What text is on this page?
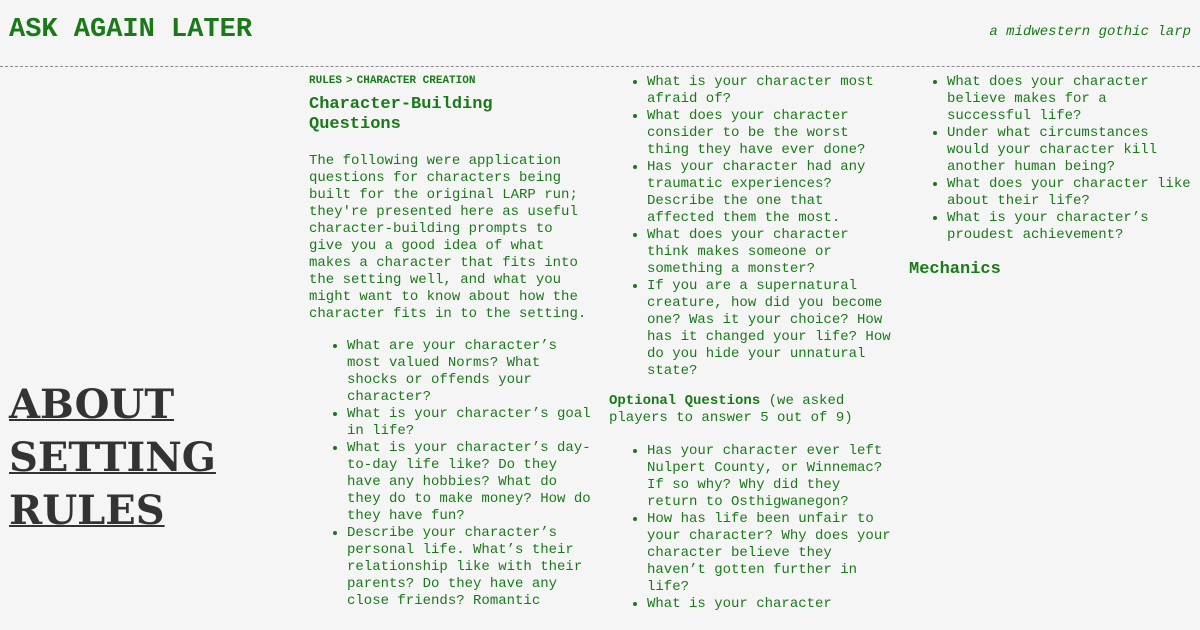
ASK AGAIN LATER	a midwestern gothic larp
ABOUT
SETTING
RULES
RULES > CHARACTER CREATION
Character-Building Questions

The following were application questions for characters being built for the original LARP run; they're presented here as useful character-building prompts to give you a good idea of what makes a character that fits into the setting well, and what you might want to know about how the character fits in to the setting.

• What are your character’s most valued Norms? What shocks or offends your character?
• What is your character’s goal in life?
• What is your character’s day-to-day life like? Do they have any hobbies? What do they do to make money? How do they have fun?
• Describe your character’s personal life. What’s their relationship like with their parents? Do they have any close friends? Romantic
• What is your character most afraid of?
• What does your character consider to be the worst thing they have ever done?
• Has your character had any traumatic experiences? Describe the one that affected them the most.
• What does your character think makes someone or something a monster?
• If you are a supernatural creature, how did you become one? Was it your choice? How has it changed your life? How do you hide your unnatural state?
Optional Questions (we asked players to answer 5 out of 9)
• Has your character ever left Nulpert County, or Winnemac? If so why? Why did they return to Osthigwanegon?
• How has life been unfair to your character? Why does your character believe they haven’t gotten further in life?
• What is your character
• What does your character believe makes for a successful life?
• Under what circumstances would your character kill another human being?
• What does your character like about their life?
• What is your character’s proudest achievement?
Mechanics
